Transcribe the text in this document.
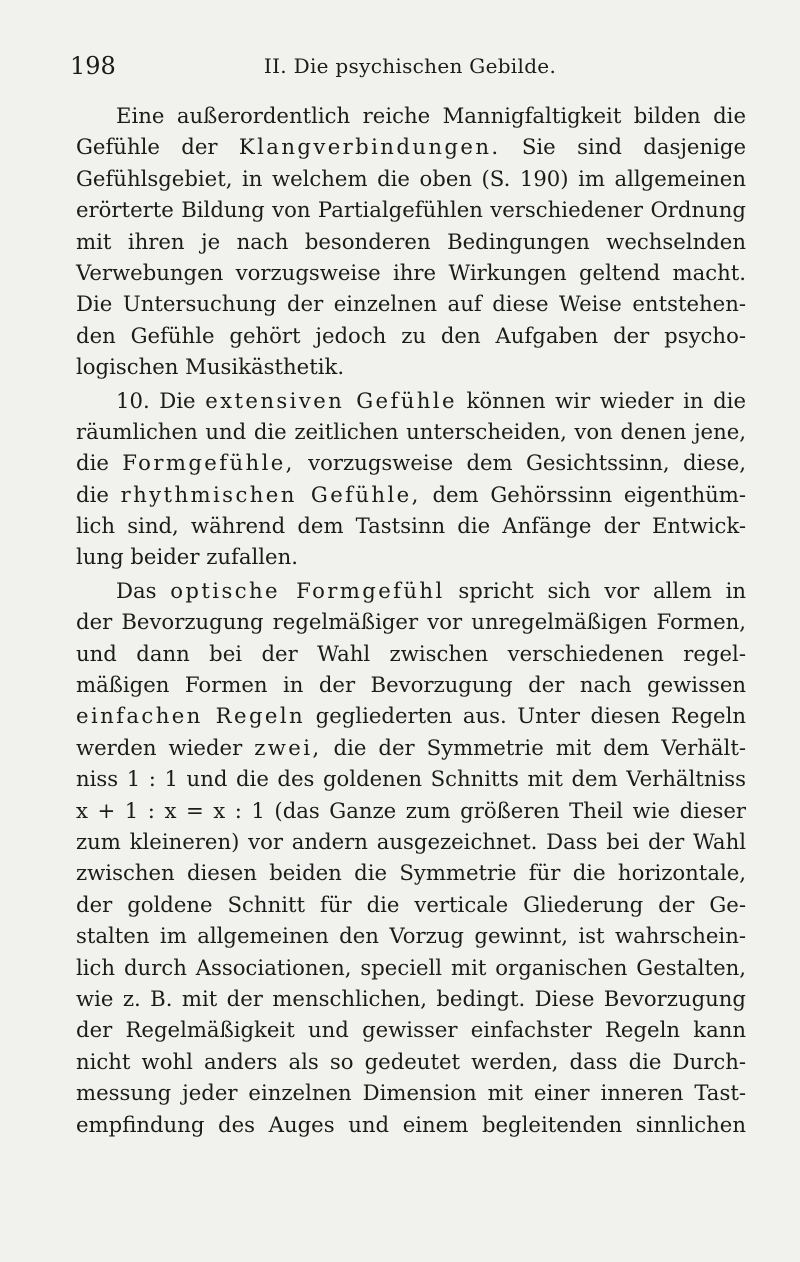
198	II. Die psychischen Gebilde.
Eine außerordentlich reiche Mannigfaltigkeit bilden die
Gefühle der Klangverbindungen. Sie sind dasjenige
Gefühlsgebiet, in welchem die oben (S. 190) im allgemeinen
erörterte Bildung von Partialgefühlen verschiedener Ordnung
mit ihren je nach besonderen Bedingungen wechselnden
Verwebungen vorzugsweise ihre Wirkungen geltend macht.
Die Untersuchung der einzelnen auf diese Weise entstehen-
den Gefühle gehört jedoch zu den Aufgaben der psycho-
logischen Musikästhetik.
10. Die extensiven Gefühle können wir wieder in die
räumlichen und die zeitlichen unterscheiden, von denen jene,
die Formgefühle, vorzugsweise dem Gesichtssinn, diese,
die rhythmischen Gefühle, dem Gehörssinn eigenthüm-
lich sind, während dem Tastsinn die Anfänge der Entwick-
lung beider zufallen.
Das optische Formgefühl spricht sich vor allem in
der Bevorzugung regelmäßiger vor unregelmäßigen Formen,
und dann bei der Wahl zwischen verschiedenen regel-
mäßigen Formen in der Bevorzugung der nach gewissen
einfachen Regeln gegliederten aus. Unter diesen Regeln
werden wieder zwei, die der Symmetrie mit dem Verhält-
niss 1 : 1 und die des goldenen Schnitts mit dem Verhältniss
x + 1 : x = x : 1 (das Ganze zum größeren Theil wie dieser
zum kleineren) vor andern ausgezeichnet. Dass bei der Wahl
zwischen diesen beiden die Symmetrie für die horizontale,
der goldene Schnitt für die verticale Gliederung der Ge-
stalten im allgemeinen den Vorzug gewinnt, ist wahrschein-
lich durch Associationen, speciell mit organischen Gestalten,
wie z. B. mit der menschlichen, bedingt. Diese Bevorzugung
der Regelmäßigkeit und gewisser einfachster Regeln kann
nicht wohl anders als so gedeutet werden, dass die Durch-
messung jeder einzelnen Dimension mit einer inneren Tast-
empfindung des Auges und einem begleitenden sinnlichen
